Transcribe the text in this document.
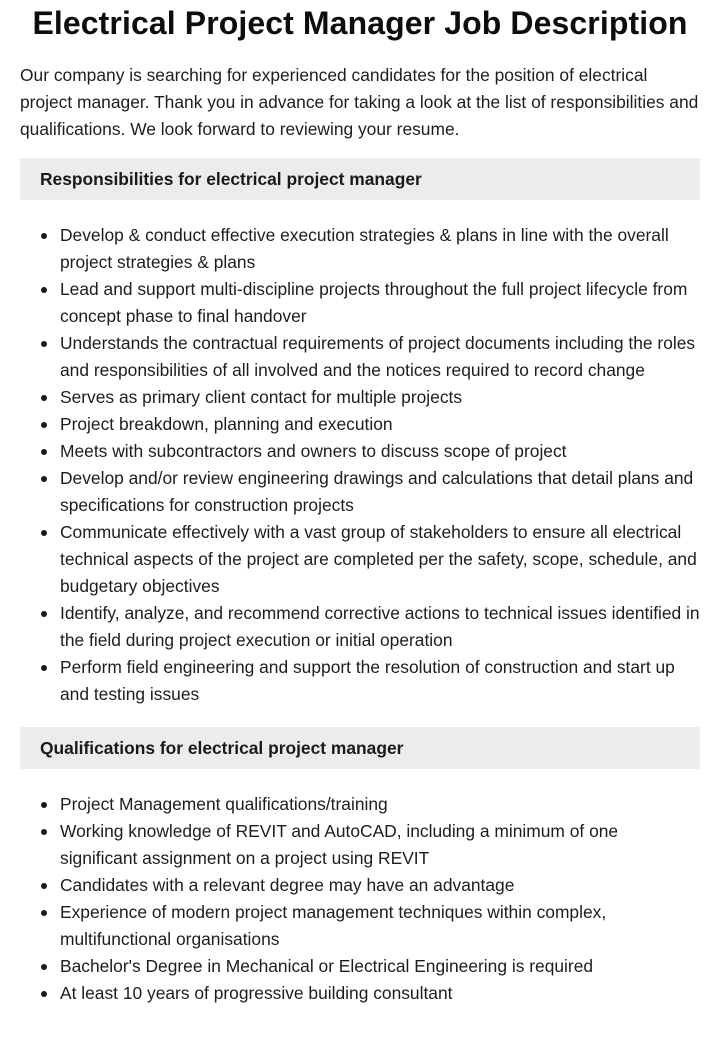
Electrical Project Manager Job Description

Our company is searching for experienced candidates for the position of electrical project manager. Thank you in advance for taking a look at the list of responsibilities and qualifications. We look forward to reviewing your resume.

Responsibilities for electrical project manager
Develop & conduct effective execution strategies & plans in line with the overall project strategies & plans
Lead and support multi-discipline projects throughout the full project lifecycle from concept phase to final handover
Understands the contractual requirements of project documents including the roles and responsibilities of all involved and the notices required to record change
Serves as primary client contact for multiple projects
Project breakdown, planning and execution
Meets with subcontractors and owners to discuss scope of project
Develop and/or review engineering drawings and calculations that detail plans and specifications for construction projects
Communicate effectively with a vast group of stakeholders to ensure all electrical technical aspects of the project are completed per the safety, scope, schedule, and budgetary objectives
Identify, analyze, and recommend corrective actions to technical issues identified in the field during project execution or initial operation
Perform field engineering and support the resolution of construction and start up and testing issues
Qualifications for electrical project manager
Project Management qualifications/training
Working knowledge of REVIT and AutoCAD, including a minimum of one significant assignment on a project using REVIT
Candidates with a relevant degree may have an advantage
Experience of modern project management techniques within complex, multifunctional organisations
Bachelor's Degree in Mechanical or Electrical Engineering is required
At least 10 years of progressive building consultant
